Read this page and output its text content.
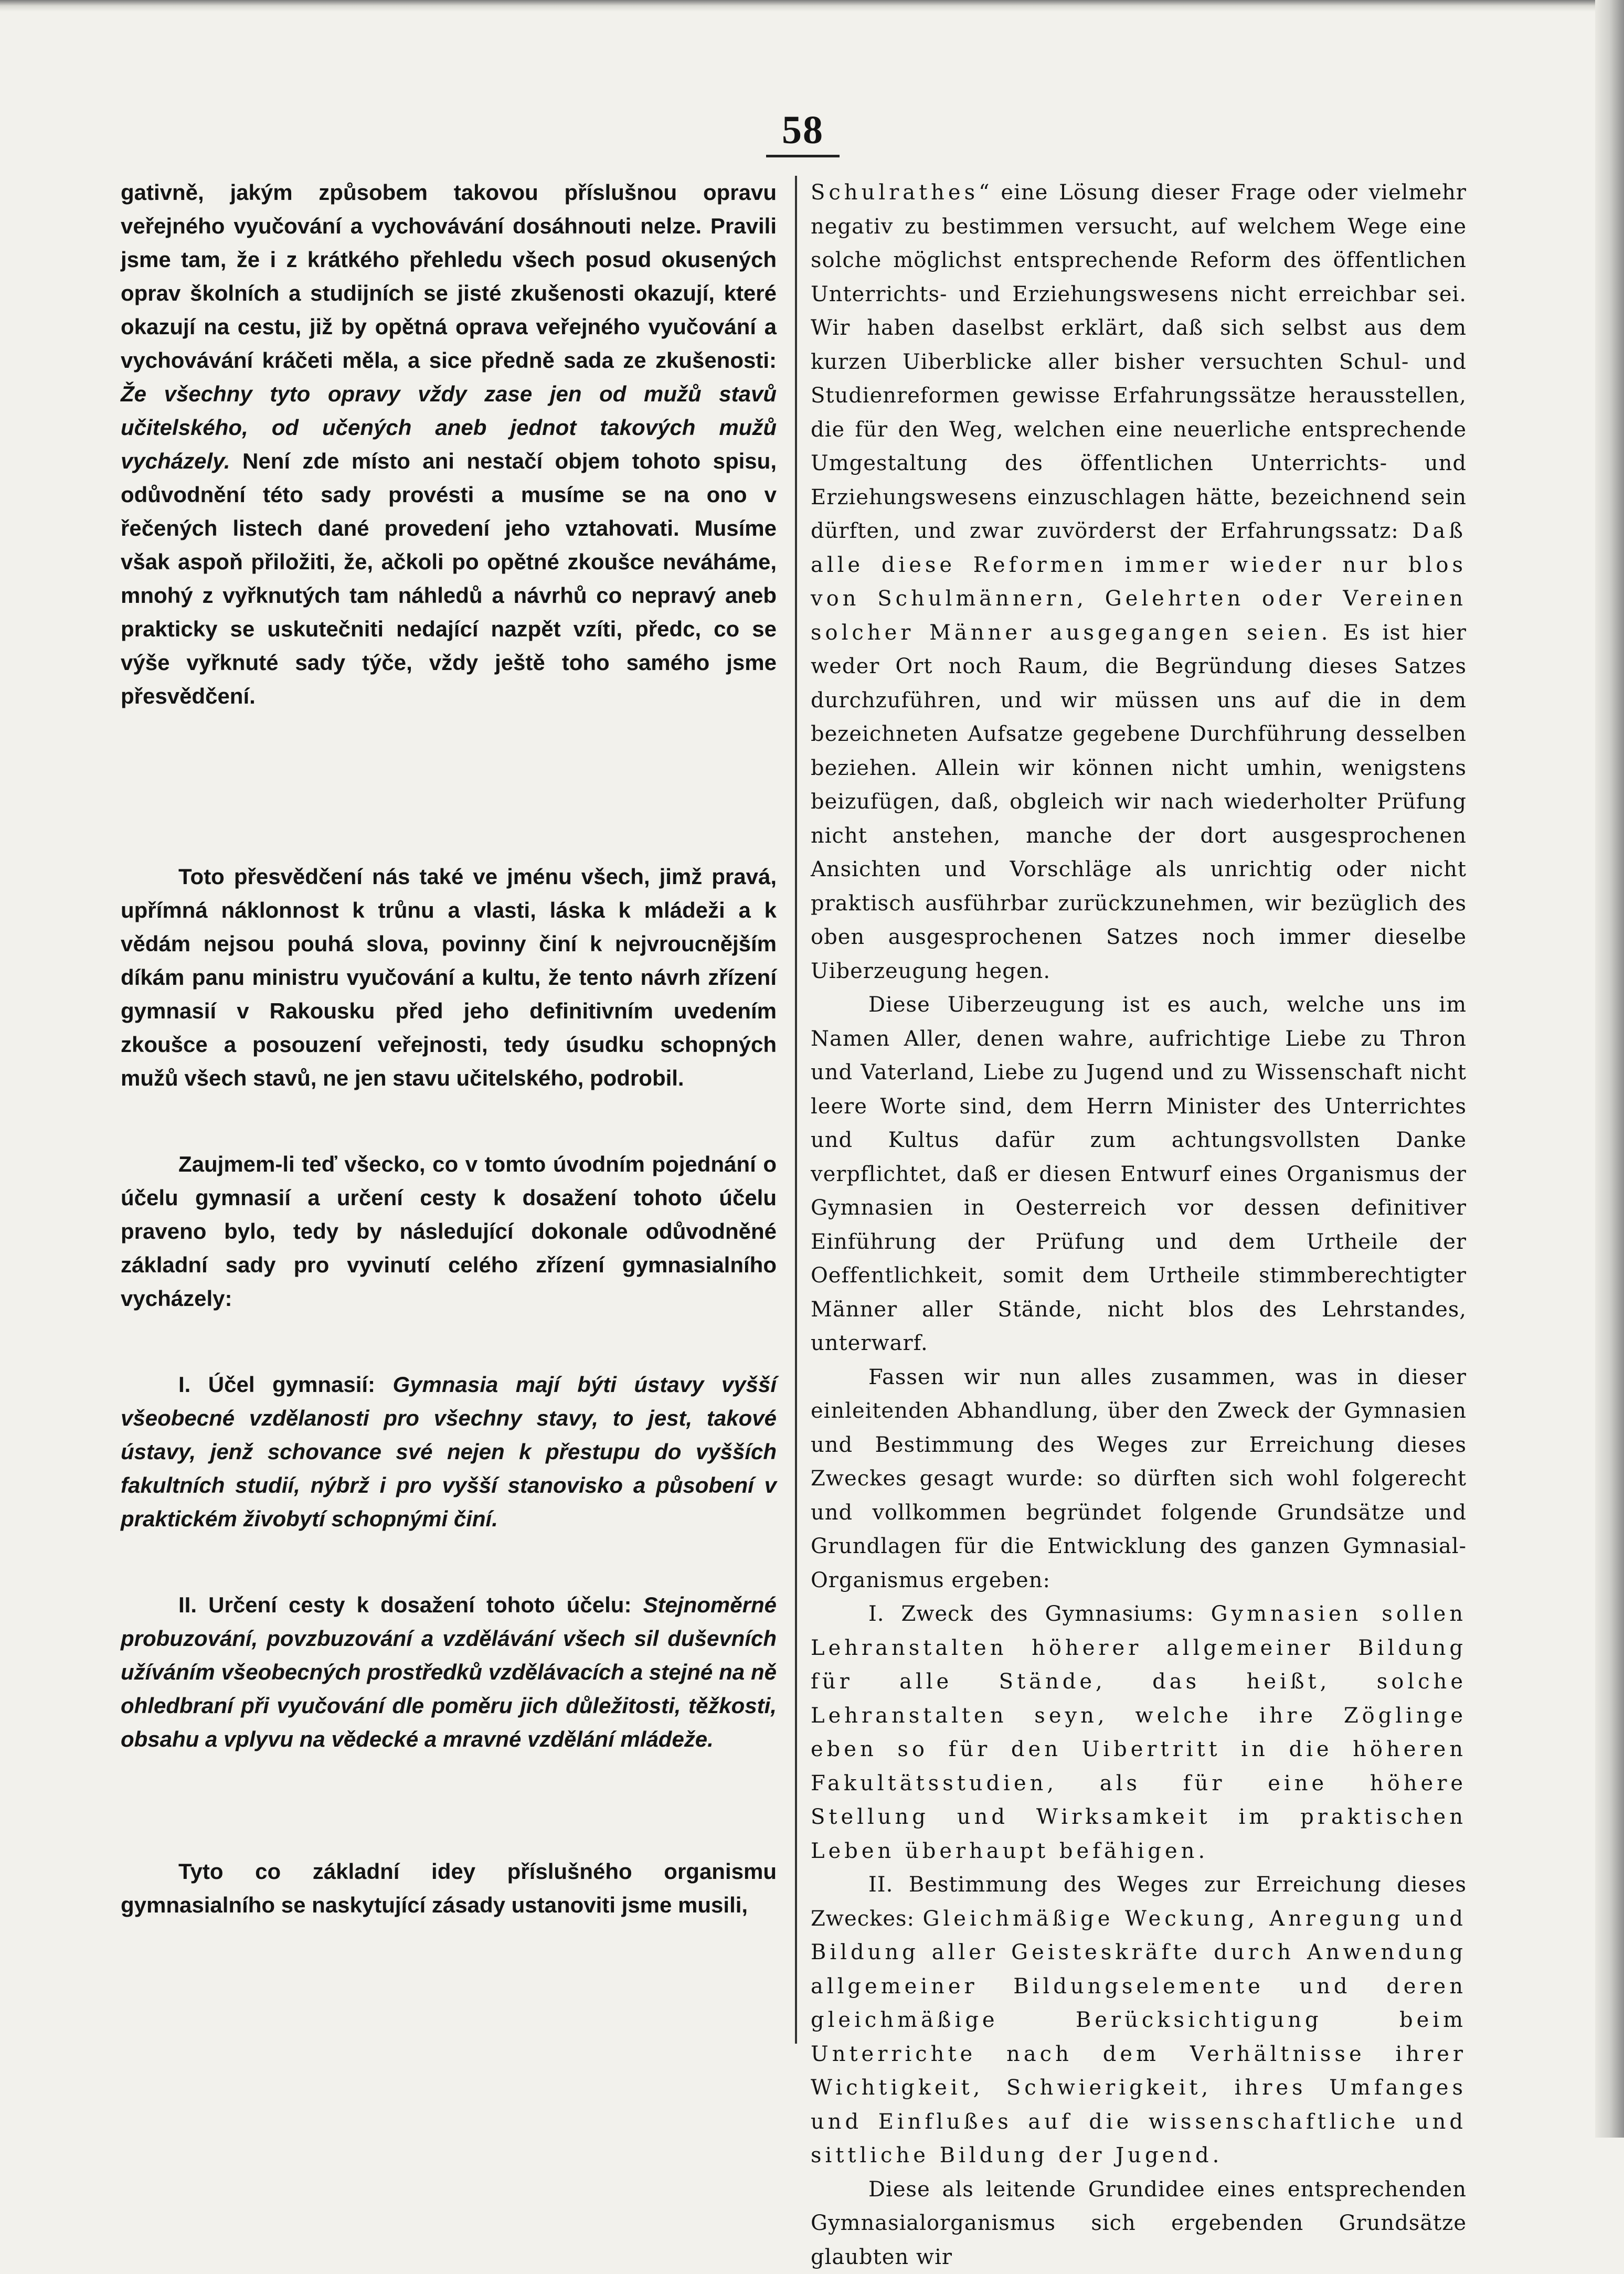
58

gativně, jakým způsobem takovou příslušnou opravu veřejného vyučování a vychovávání dosáhnouti nelze. Pravili jsme tam, že i z krátkého přehledu všech posud okusených oprav školních a studijních se jisté zkušenosti okazují, které okazují na cestu, již by opětná oprava veřejného vyučování a vychovávání kráčeti měla, a sice předně sada ze zkušenosti: Že všechny tyto opravy vždy zase jen od mužů stavů učitelského, od učených aneb jednot takových mužů vycházely. Není zde místo ani nestačí objem tohoto spisu, odůvodnění této sady provésti a musíme se na ono v řečených listech dané provedení jeho vztahovati. Musíme však aspoň přiložiti, že, ačkoli po opětné zkoušce neváháme, mnohý z vyřknutých tam náhledů a návrhů co nepravý aneb prakticky se uskutečniti nedající nazpět vzíti, předc, co se výše vyřknuté sady týče, vždy ještě toho samého jsme přesvědčení.

Toto přesvědčení nás také ve jménu všech, jimž pravá, upřímná náklonnost k trůnu a vlasti, láska k mládeži a k vědám nejsou pouhá slova, povinny činí k nejvroucnějším díkám panu ministru vyučování a kultu, že tento návrh zřízení gymnasií v Rakousku před jeho definitivním uvedením zkoušce a posouzení veřejnosti, tedy úsudku schopných mužů všech stavů, ne jen stavu učitelského, podrobil.

Zaujmem-li teď všecko, co v tomto úvodním pojednání o účelu gymnasií a určení cesty k dosažení tohoto účelu praveno bylo, tedy by následující dokonale odůvodněné základní sady pro vyvinutí celého zřízení gymnasialního vycházely:

I. Účel gymnasií: Gymnasia mají býti ústavy vyšší všeobecné vzdělanosti pro všechny stavy, to jest, takové ústavy, jenž schovance své nejen k přestupu do vyšších fakultních studií, nýbrž i pro vyšší stanovisko a působení v praktickém živobytí schopnými činí.

II. Určení cesty k dosažení tohoto účelu: Stejnoměrné probuzování, povzbuzování a vzdělávání všech sil duševních užíváním všeobecných prostředků vzdělávacích a stejné na ně ohledbraní při vyučování dle poměru jich důležitosti, těžkosti, obsahu a vplyvu na vědecké a mravné vzdělání mládeže.

Tyto co základní idey příslušného organismu gymnasialního se naskytující zásady ustanoviti jsme musili,

Schulrathes“ eine Lösung dieser Frage oder vielmehr negativ zu bestimmen versucht, auf welchem Wege eine solche möglichst entsprechende Reform des öffentlichen Unterrichts- und Erziehungswesens nicht erreichbar sei. Wir haben daselbst erklärt, daß sich selbst aus dem kurzen Uiberblicke aller bisher versuchten Schul- und Studienreformen gewisse Erfahrungssätze herausstellen, die für den Weg, welchen eine neuerliche entsprechende Umgestaltung des öffentlichen Unterrichts- und Erziehungswesens einzuschlagen hätte, bezeichnend sein dürften, und zwar zuvörderst der Erfahrungssatz: Daß alle diese Reformen immer wieder nur blos von Schulmännern, Gelehrten oder Vereinen solcher Männer ausgegangen seien. Es ist hier weder Ort noch Raum, die Begründung dieses Satzes durchzuführen, und wir müssen uns auf die in dem bezeichneten Aufsatze gegebene Durchführung desselben beziehen. Allein wir können nicht umhin, wenigstens beizufügen, daß, obgleich wir nach wiederholter Prüfung nicht anstehen, manche der dort ausgesprochenen Ansichten und Vorschläge als unrichtig oder nicht praktisch ausführbar zurückzunehmen, wir bezüglich des oben ausgesprochenen Satzes noch immer dieselbe Uiberzeugung hegen.

Diese Uiberzeugung ist es auch, welche uns im Namen Aller, denen wahre, aufrichtige Liebe zu Thron und Vaterland, Liebe zu Jugend und zu Wissenschaft nicht leere Worte sind, dem Herrn Minister des Unterrichtes und Kultus dafür zum achtungsvollsten Danke verpflichtet, daß er diesen Entwurf eines Organismus der Gymnasien in Oesterreich vor dessen definitiver Einführung der Prüfung und dem Urtheile der Oeffentlichkeit, somit dem Urtheile stimmberechtigter Männer aller Stände, nicht blos des Lehrstandes, unterwarf.

Fassen wir nun alles zusammen, was in dieser einleitenden Abhandlung, über den Zweck der Gymnasien und Bestimmung des Weges zur Erreichung dieses Zweckes gesagt wurde: so dürften sich wohl folgerecht und vollkommen begründet folgende Grundsätze und Grundlagen für die Entwicklung des ganzen Gymnasial-Organismus ergeben:

I. Zweck des Gymnasiums: Gymnasien sollen Lehranstalten höherer allgemeiner Bildung für alle Stände, das heißt, solche Lehranstalten seyn, welche ihre Zöglinge eben so für den Uibertritt in die höheren Fakultätsstudien, als für eine höhere Stellung und Wirksamkeit im praktischen Leben überhaupt befähigen.

II. Bestimmung des Weges zur Erreichung dieses Zweckes: Gleichmäßige Weckung, Anregung und Bildung aller Geisteskräfte durch Anwendung allgemeiner Bildungselemente und deren gleichmäßige Berücksichtigung beim Unterrichte nach dem Verhältnisse ihrer Wichtigkeit, Schwierigkeit, ihres Umfanges und Einflußes auf die wissenschaftliche und sittliche Bildung der Jugend.

Diese als leitende Grundidee eines entsprechenden Gymnasialorganismus sich ergebenden Grundsätze glaubten wir
